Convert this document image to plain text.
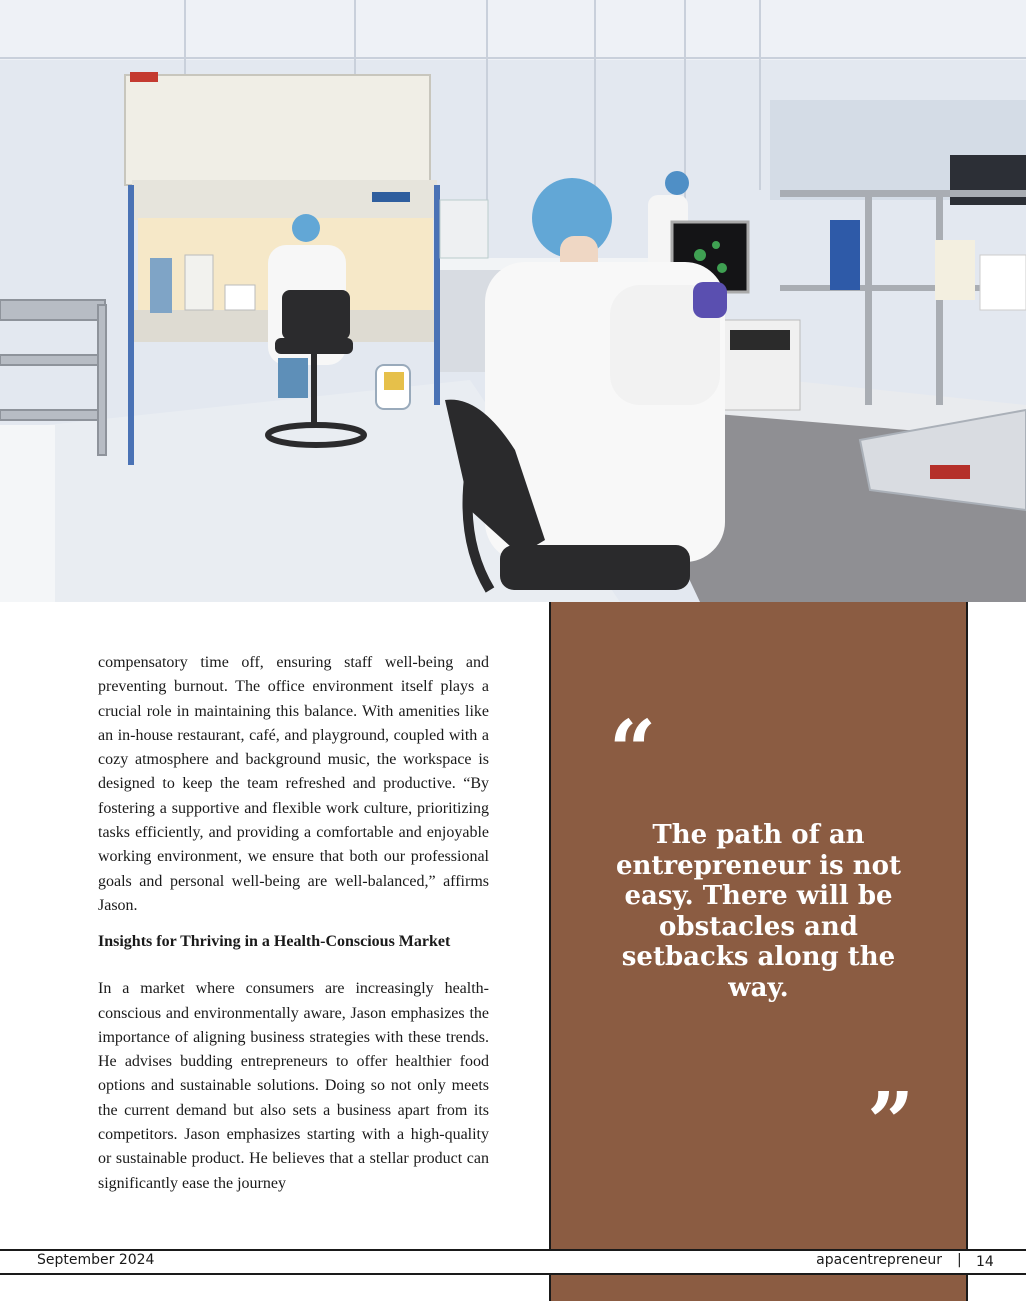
compensatory time off, ensuring staff well-being and preventing burnout. The office environment itself plays a crucial role in maintaining this balance. With amenities like an in-house restaurant, café, and playground, coupled with a cozy atmosphere and background music, the workspace is designed to keep the team refreshed and productive. “By fostering a supportive and flexible work culture, prioritizing tasks efficiently, and providing a comfortable and enjoyable working environment, we ensure that both our professional goals and personal well-being are well-balanced,” affirms Jason.

Insights for Thriving in a Health-Conscious Market

In a market where consumers are increasingly health-conscious and environmentally aware, Jason emphasizes the importance of aligning business strategies with these trends. He advises budding entrepreneurs to offer healthier food options and sustainable solutions. Doing so not only meets the current demand but also sets a business apart from its competitors. Jason emphasizes starting with a high-quality or sustainable product. He believes that a stellar product can significantly ease the journey

“
The path of an entrepreneur is not easy. There will be obstacles and setbacks along the way.
”
September 2024	apacentrepreneur | 14
